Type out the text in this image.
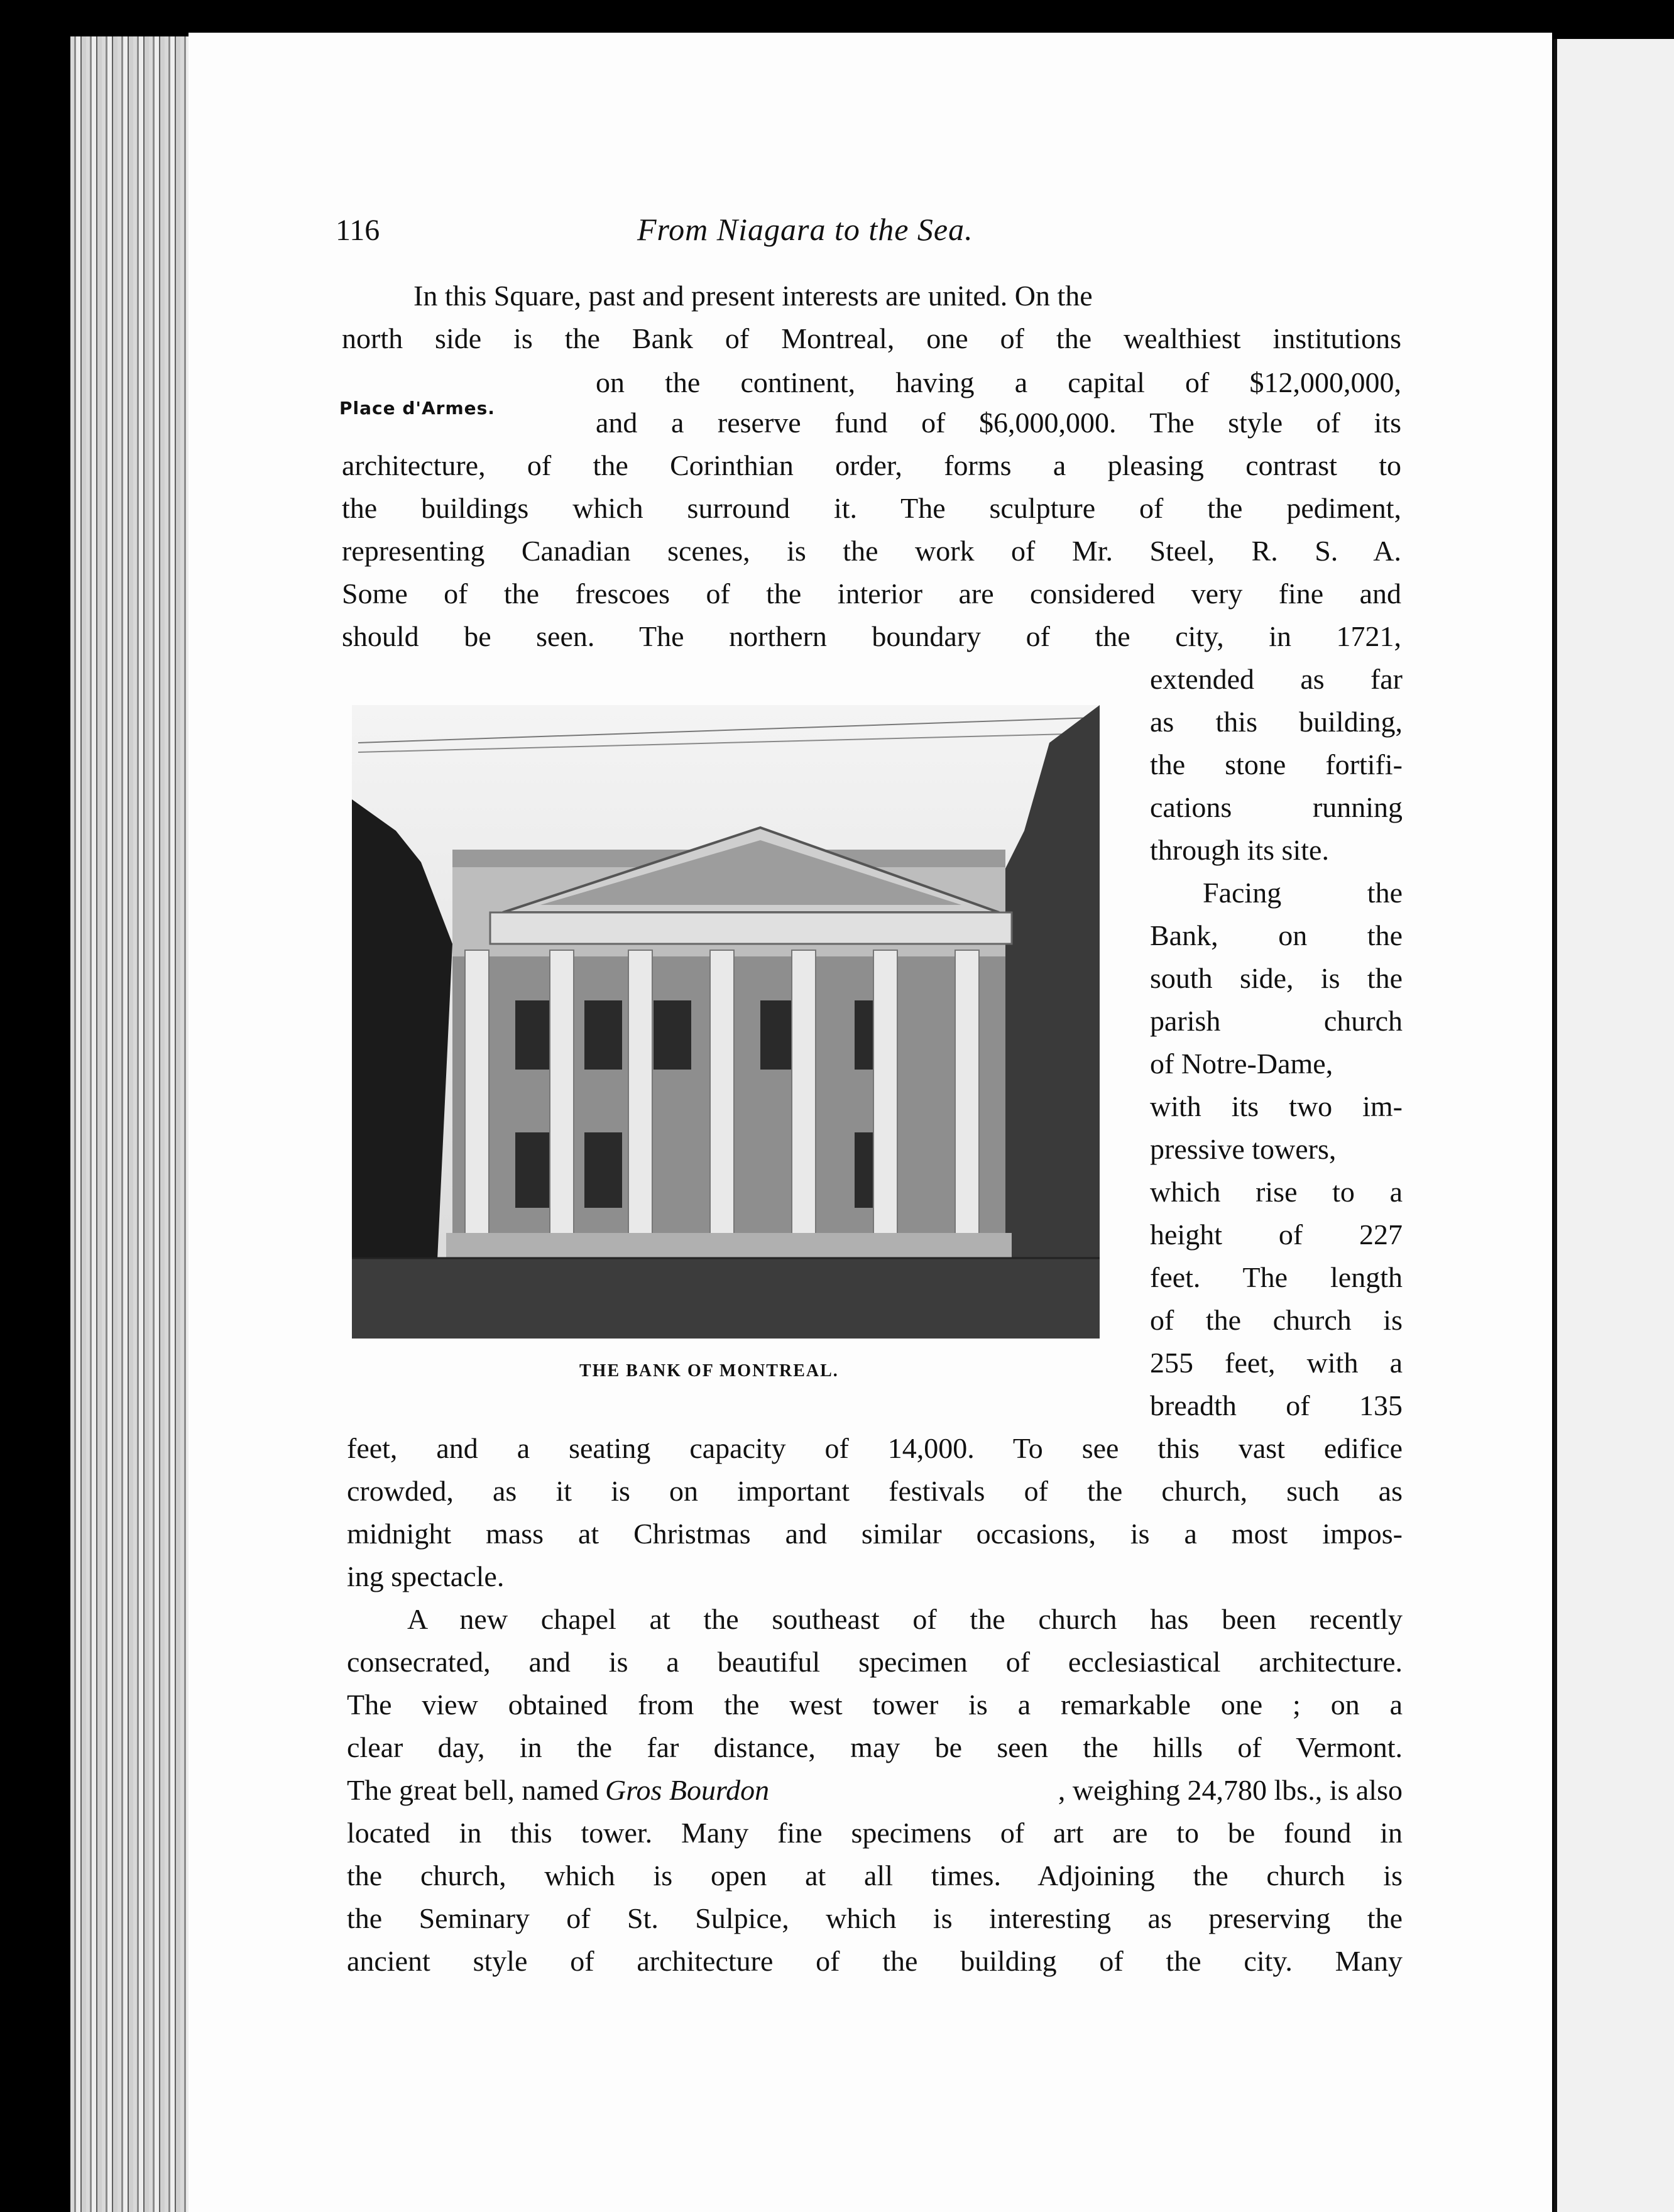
116	From Niagara to the Sea.
Place d'Armes.
In this Square, past and present interests are united. On the
north side is the Bank of Montreal, one of the wealthiest institutions
on the continent, having a capital of $12,000,000,
and a reserve fund of $6,000,000. The style of its
architecture, of the Corinthian order, forms a pleasing contrast to
the buildings which surround it. The sculpture of the pediment,
representing Canadian scenes, is the work of Mr. Steel, R. S. A.
Some of the frescoes of the interior are considered very fine and
should be seen. The northern boundary of the city, in 1721,
extended as far
as this building,
the stone fortifi-
cations running
through its site.
Facing the
Bank, on the
south side, is the
parish church
of Notre-Dame,
with its two im-
pressive towers,
which rise to a
height of 227
feet. The length
of the church is
255 feet, with a
breadth of 135
feet, and a seating capacity of 14,000. To see this vast edifice
crowded, as it is on important festivals of the church, such as
midnight mass at Christmas and similar occasions, is a most impos-
ing spectacle.
A new chapel at the southeast of the church has been recently
consecrated, and is a beautiful specimen of ecclesiastical architecture.
The view obtained from the west tower is a remarkable one ; on a
clear day, in the far distance, may be seen the hills of Vermont.
The great bell, named Gros Bourdon	, weighing 24,780 lbs., is also
located in this tower. Many fine specimens of art are to be found in
the church, which is open at all times. Adjoining the church is
the Seminary of St. Sulpice, which is interesting as preserving the
ancient style of architecture of the building of the city. Many
THE BANK OF MONTREAL.
